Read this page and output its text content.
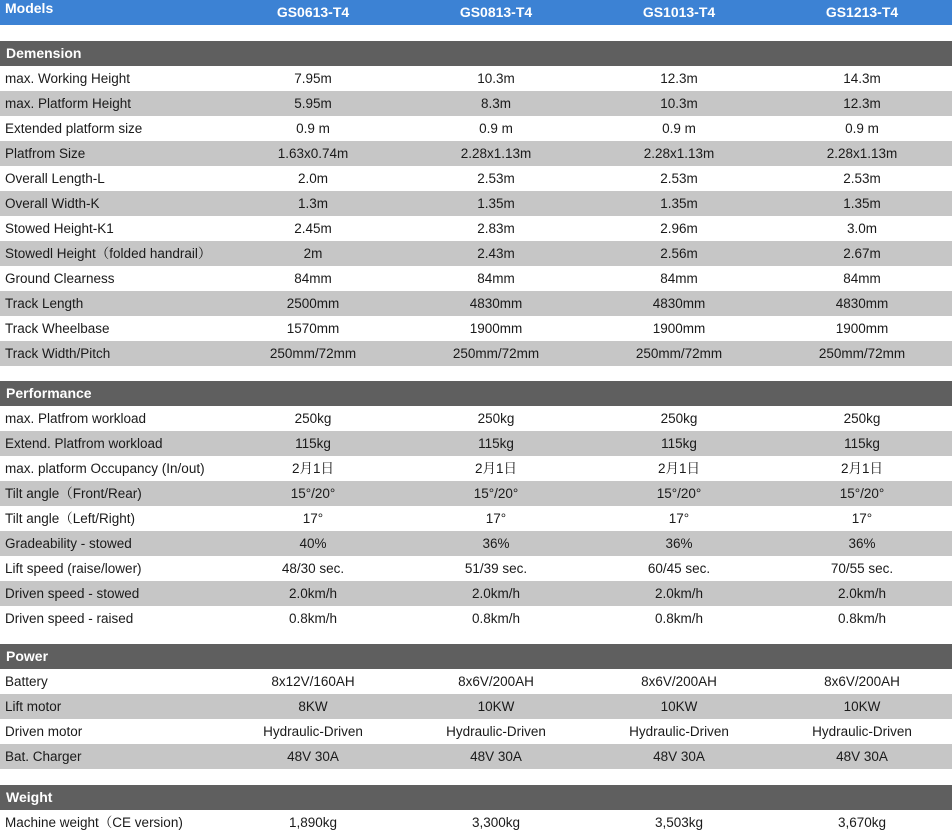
Models	GS0613-T4	GS0813-T4	GS1013-T4	GS1213-T4
Demension
max. Working Height	7.95m	10.3m	12.3m	14.3m
max. Platform Height	5.95m	8.3m	10.3m	12.3m
Extended platform size	0.9 m	0.9 m	0.9 m	0.9 m
Platfrom Size	1.63x0.74m	2.28x1.13m	2.28x1.13m	2.28x1.13m
Overall Length-L	2.0m	2.53m	2.53m	2.53m
Overall Width-K	1.3m	1.35m	1.35m	1.35m
Stowed Height-K1	2.45m	2.83m	2.96m	3.0m
Stowedl Height（folded handrail）	2m	2.43m	2.56m	2.67m
Ground Clearness	84mm	84mm	84mm	84mm
Track Length	2500mm	4830mm	4830mm	4830mm
Track Wheelbase	1570mm	1900mm	1900mm	1900mm
Track Width/Pitch	250mm/72mm	250mm/72mm	250mm/72mm	250mm/72mm
Performance
max. Platfrom workload	250kg	250kg	250kg	250kg
Extend. Platfrom workload	115kg	115kg	115kg	115kg
max. platform Occupancy (In/out)	2月1日	2月1日	2月1日	2月1日
Tilt angle（Front/Rear)	15°/20°	15°/20°	15°/20°	15°/20°
Tilt angle（Left/Right)	17°	17°	17°	17°
Gradeability - stowed	40%	36%	36%	36%
Lift speed (raise/lower)	48/30 sec.	51/39 sec.	60/45 sec.	70/55 sec.
Driven speed - stowed	2.0km/h	2.0km/h	2.0km/h	2.0km/h
Driven speed - raised	0.8km/h	0.8km/h	0.8km/h	0.8km/h
Power
Battery	8x12V/160AH	8x6V/200AH	8x6V/200AH	8x6V/200AH
Lift motor	8KW	10KW	10KW	10KW
Driven motor	Hydraulic-Driven	Hydraulic-Driven	Hydraulic-Driven	Hydraulic-Driven
Bat. Charger	48V 30A	48V 30A	48V 30A	48V 30A
Weight
Machine weight（CE version)	1,890kg	3,300kg	3,503kg	3,670kg
